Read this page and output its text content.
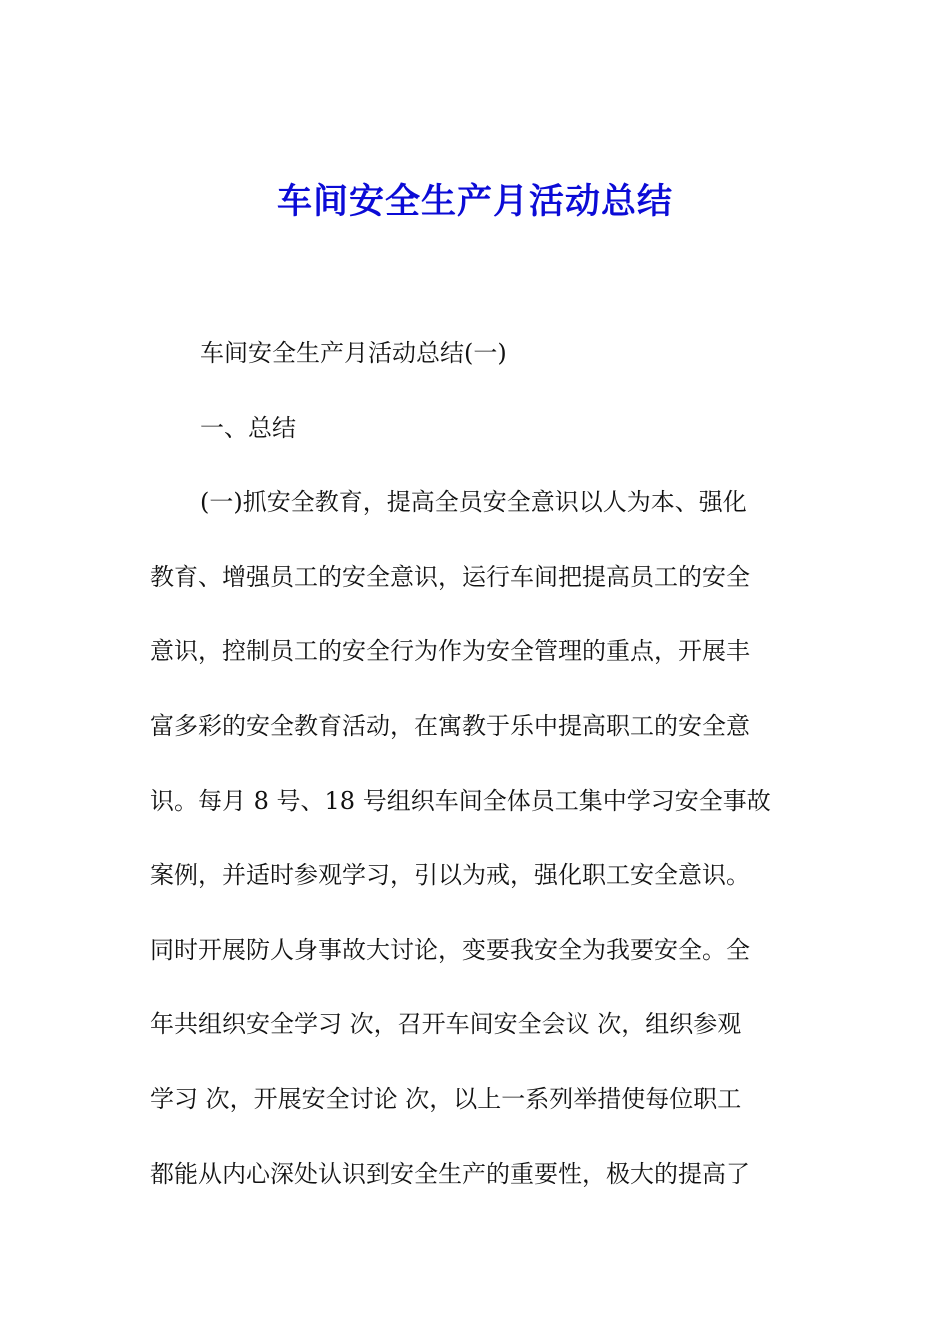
车间安全生产月活动总结

车间安全生产月活动总结(一)

一、总结

(一)抓安全教育，提高全员安全意识以人为本、强化

教育、增强员工的安全意识，运行车间把提高员工的安全

意识，控制员工的安全行为作为安全管理的重点，开展丰

富多彩的安全教育活动，在寓教于乐中提高职工的安全意

识。每月 8 号、18 号组织车间全体员工集中学习安全事故

案例，并适时参观学习，引以为戒，强化职工安全意识。

同时开展防人身事故大讨论，变要我安全为我要安全。全

年共组织安全学习 次，召开车间安全会议 次，组织参观

学习 次，开展安全讨论 次，以上一系列举措使每位职工

都能从内心深处认识到安全生产的重要性，极大的提高了
